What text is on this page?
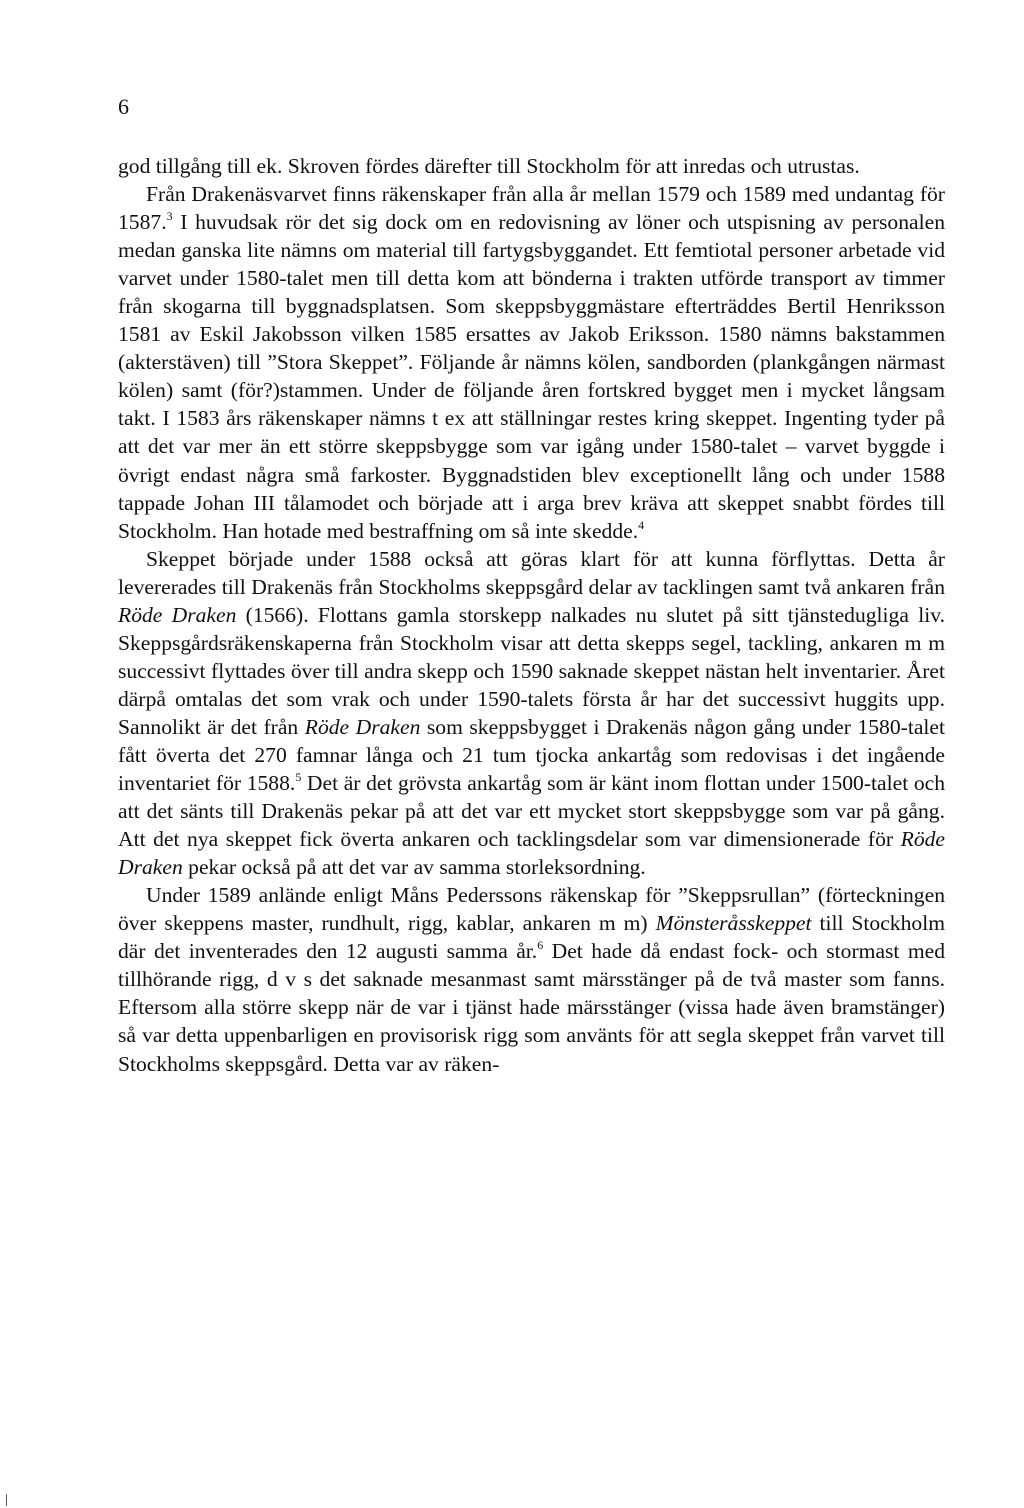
6

god tillgång till ek. Skroven fördes därefter till Stockholm för att inredas och utrustas.

Från Drakenäsvarvet finns räkenskaper från alla år mellan 1579 och 1589 med undantag för 1587.$^3$ I huvudsak rör det sig dock om en redovisning av löner och utspisning av personalen medan ganska lite nämns om material till fartygsbyggandet. Ett femtiotal personer arbetade vid varvet under 1580-talet men till detta kom att bönderna i trakten utförde transport av timmer från skogarna till byggnadsplatsen. Som skeppsbyggmästare efterträddes Bertil Henriksson 1581 av Eskil Jakobsson vilken 1585 ersattes av Jakob Eriksson. 1580 nämns bakstammen (akterstäven) till ”Stora Skeppet”. Följande år nämns kölen, sandborden (plankgången närmast kölen) samt (för?)stammen. Under de följande åren fortskred bygget men i mycket långsam takt. I 1583 års räkenskaper nämns t ex att ställningar restes kring skeppet. Ingenting tyder på att det var mer än ett större skeppsbygge som var igång under 1580-talet – varvet byggde i övrigt endast några små farkoster. Byggnadstiden blev exceptionellt lång och under 1588 tappade Johan III tålamodet och började att i arga brev kräva att skeppet snabbt fördes till Stockholm. Han hotade med bestraffning om så inte skedde.$^4$

Skeppet började under 1588 också att göras klart för att kunna förflyttas. Detta år levererades till Drakenäs från Stockholms skeppsgård delar av tacklingen samt två ankaren från Röde Draken (1566). Flottans gamla storskepp nalkades nu slutet på sitt tjänstedugliga liv. Skeppsgårdsräkenskaperna från Stockholm visar att detta skepps segel, tackling, ankaren m m successivt flyttades över till andra skepp och 1590 saknade skeppet nästan helt inventarier. Året därpå omtalas det som vrak och under 1590-talets första år har det successivt huggits upp. Sannolikt är det från Röde Draken som skeppsbygget i Drakenäs någon gång under 1580-talet fått överta det 270 famnar långa och 21 tum tjocka ankartåg som redovisas i det ingående inventariet för 1588.$^5$ Det är det grövsta ankartåg som är känt inom flottan under 1500-talet och att det sänts till Drakenäs pekar på att det var ett mycket stort skeppsbygge som var på gång. Att det nya skeppet fick överta ankaren och tacklingsdelar som var dimensionerade för Röde Draken pekar också på att det var av samma storleksordning.

Under 1589 anlände enligt Måns Pederssons räkenskap för ”Skeppsrullan” (förteckningen över skeppens master, rundhult, rigg, kablar, ankaren m m) Mönsteråsskeppet till Stockholm där det inventerades den 12 augusti samma år.$^6$ Det hade då endast fock- och stormast med tillhörande rigg, d v s det saknade mesanmast samt märsstänger på de två master som fanns. Eftersom alla större skepp när de var i tjänst hade märsstänger (vissa hade även bramstänger) så var detta uppenbarligen en provisorisk rigg som använts för att segla skeppet från varvet till Stockholms skeppsgård. Detta var av räken-
